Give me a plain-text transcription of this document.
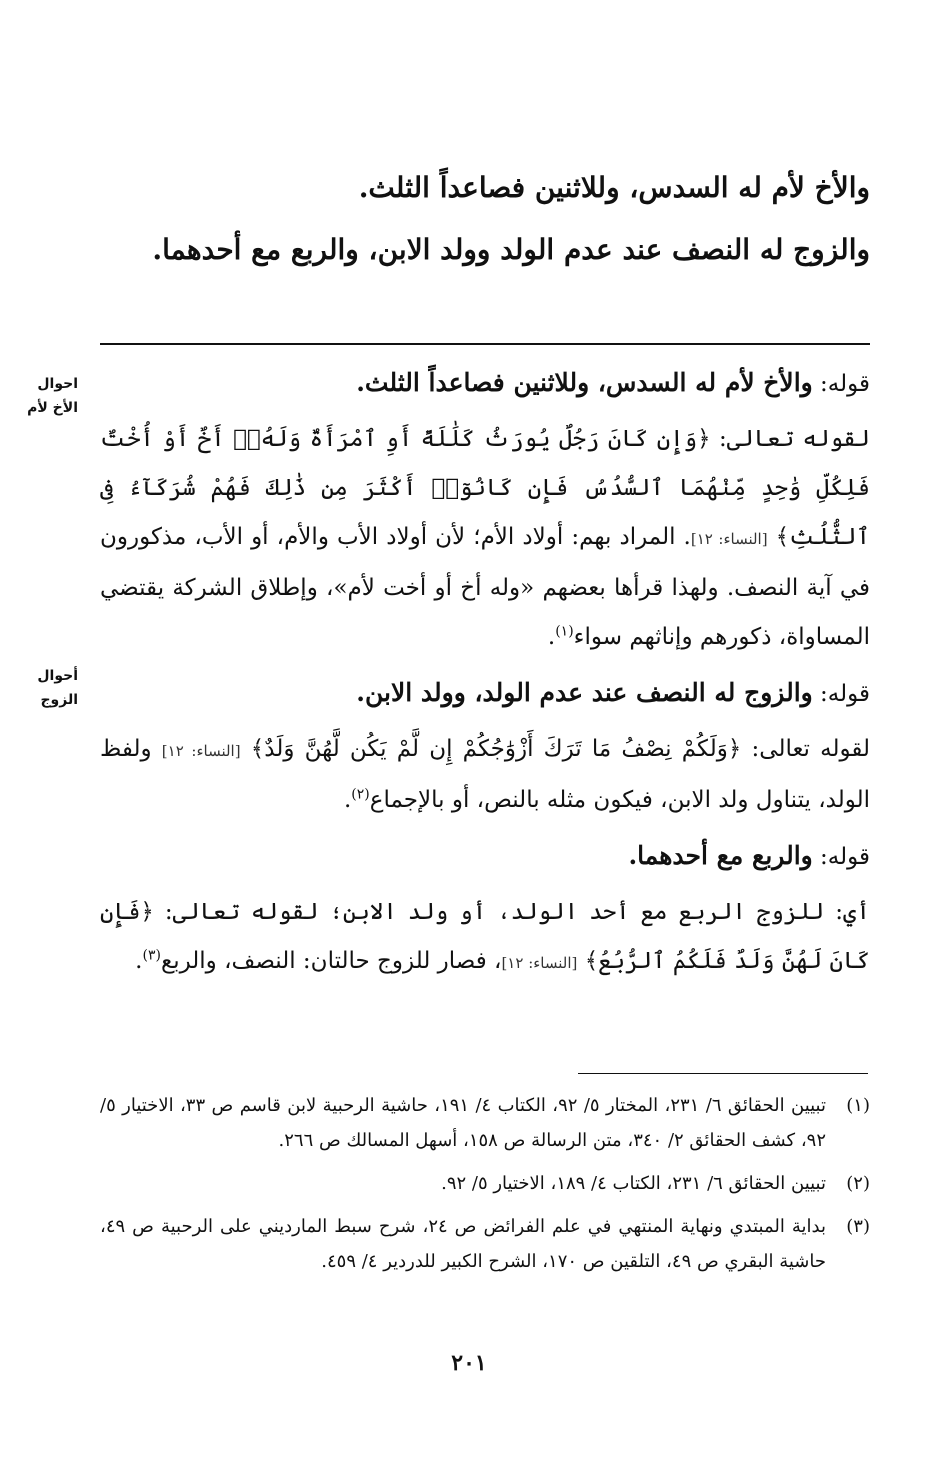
والأخ لأم له السدس، وللاثنين فصاعداً الثلث.

والزوج له النصف عند عدم الولد وولد الابن، والربع مع أحدهما.

احوال الأخ لأم
أحوال الزوج

قوله: والأخ لأم له السدس، وللاثنين فصاعداً الثلث.

لقوله تعالى: ﴿وَإِن كَانَ رَجُلٌ يُورَثُ كَلَٰلَةً أَوِ ٱمْرَأَةٌ وَلَهُۥٓ أَخٌ أَوْ أُخْتٌ فَلِكُلِّ وَٰحِدٍ مِّنْهُمَا ٱلسُّدُسُ فَإِن كَانُوٓا۟ أَكْثَرَ مِن ذَٰلِكَ فَهُمْ شُرَكَآءُ فِى ٱلثُّلُثِ﴾ [النساء: ١٢]. المراد بهم: أولاد الأم؛ لأن أولاد الأب والأم، أو الأب، مذكورون في آية النصف. ولهذا قرأها بعضهم «وله أخ أو أخت لأم»، وإطلاق الشركة يقتضي المساواة، ذكورهم وإناثهم سواء$^{(١)}$.

قوله: والزوج له النصف عند عدم الولد، وولد الابن.

لقوله تعالى: ﴿وَلَكُمْ نِصْفُ مَا تَرَكَ أَزْوَٰجُكُمْ إِن لَّمْ يَكُن لَّهُنَّ وَلَدٌ﴾ [النساء: ١٢] ولفظ الولد، يتناول ولد الابن، فيكون مثله بالنص، أو بالإجماع$^{(٢)}$.

قوله: والربع مع أحدهما.

أي: للزوج الربع مع أحد الولد، أو ولد الابن؛ لقوله تعالى: ﴿فَإِن كَانَ لَهُنَّ وَلَدٌ فَلَكُمُ ٱلرُّبُعُ﴾ [النساء: ١٢]، فصار للزوج حالتان: النصف، والربع$^{(٣)}$.

(١)
تبيين الحقائق ٦/ ٢٣١، المختار ٥/ ٩٢، الكتاب ٤/ ١٩١، حاشية الرحبية لابن قاسم ص ٣٣، الاختيار ٥/ ٩٢، كشف الحقائق ٢/ ٣٤٠، متن الرسالة ص ١٥٨، أسهل المسالك ص ٢٦٦.
(٢)
تبيين الحقائق ٦/ ٢٣١، الكتاب ٤/ ١٨٩، الاختيار ٥/ ٩٢.
(٣)
بداية المبتدي ونهاية المنتهي في علم الفرائض ص ٢٤، شرح سبط المارديني على الرحبية ص ٤٩، حاشية البقري ص ٤٩، التلقين ص ١٧٠، الشرح الكبير للدردير ٤/ ٤٥٩.
٢٠١
